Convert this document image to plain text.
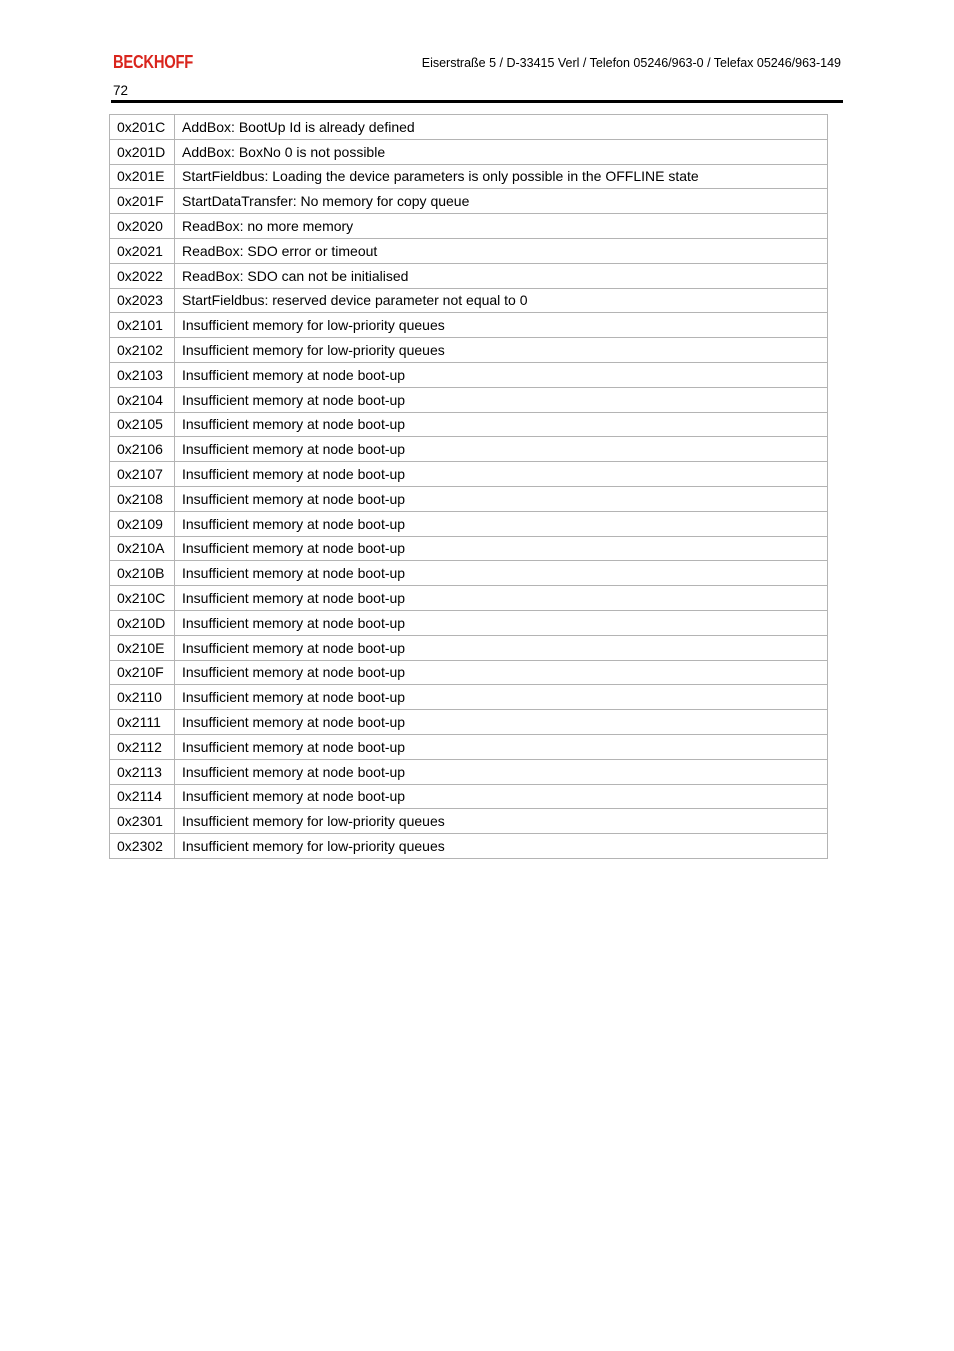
BECKHOFF	Eiserstraße 5 / D-33415 Verl / Telefon 05246/963-0 / Telefax 05246/963-149
72
0x201C	AddBox: BootUp Id is already defined
0x201D	AddBox: BoxNo 0 is not possible
0x201E	StartFieldbus: Loading the device parameters is only possible in the OFFLINE state
0x201F	StartDataTransfer: No memory for copy queue
0x2020	ReadBox: no more memory
0x2021	ReadBox: SDO error or timeout
0x2022	ReadBox: SDO can not be initialised
0x2023	StartFieldbus: reserved device parameter not equal to 0
0x2101	Insufficient memory for low-priority queues
0x2102	Insufficient memory for low-priority queues
0x2103	Insufficient memory at node boot-up
0x2104	Insufficient memory at node boot-up
0x2105	Insufficient memory at node boot-up
0x2106	Insufficient memory at node boot-up
0x2107	Insufficient memory at node boot-up
0x2108	Insufficient memory at node boot-up
0x2109	Insufficient memory at node boot-up
0x210A	Insufficient memory at node boot-up
0x210B	Insufficient memory at node boot-up
0x210C	Insufficient memory at node boot-up
0x210D	Insufficient memory at node boot-up
0x210E	Insufficient memory at node boot-up
0x210F	Insufficient memory at node boot-up
0x2110	Insufficient memory at node boot-up
0x2111	Insufficient memory at node boot-up
0x2112	Insufficient memory at node boot-up
0x2113	Insufficient memory at node boot-up
0x2114	Insufficient memory at node boot-up
0x2301	Insufficient memory for low-priority queues
0x2302	Insufficient memory for low-priority queues
